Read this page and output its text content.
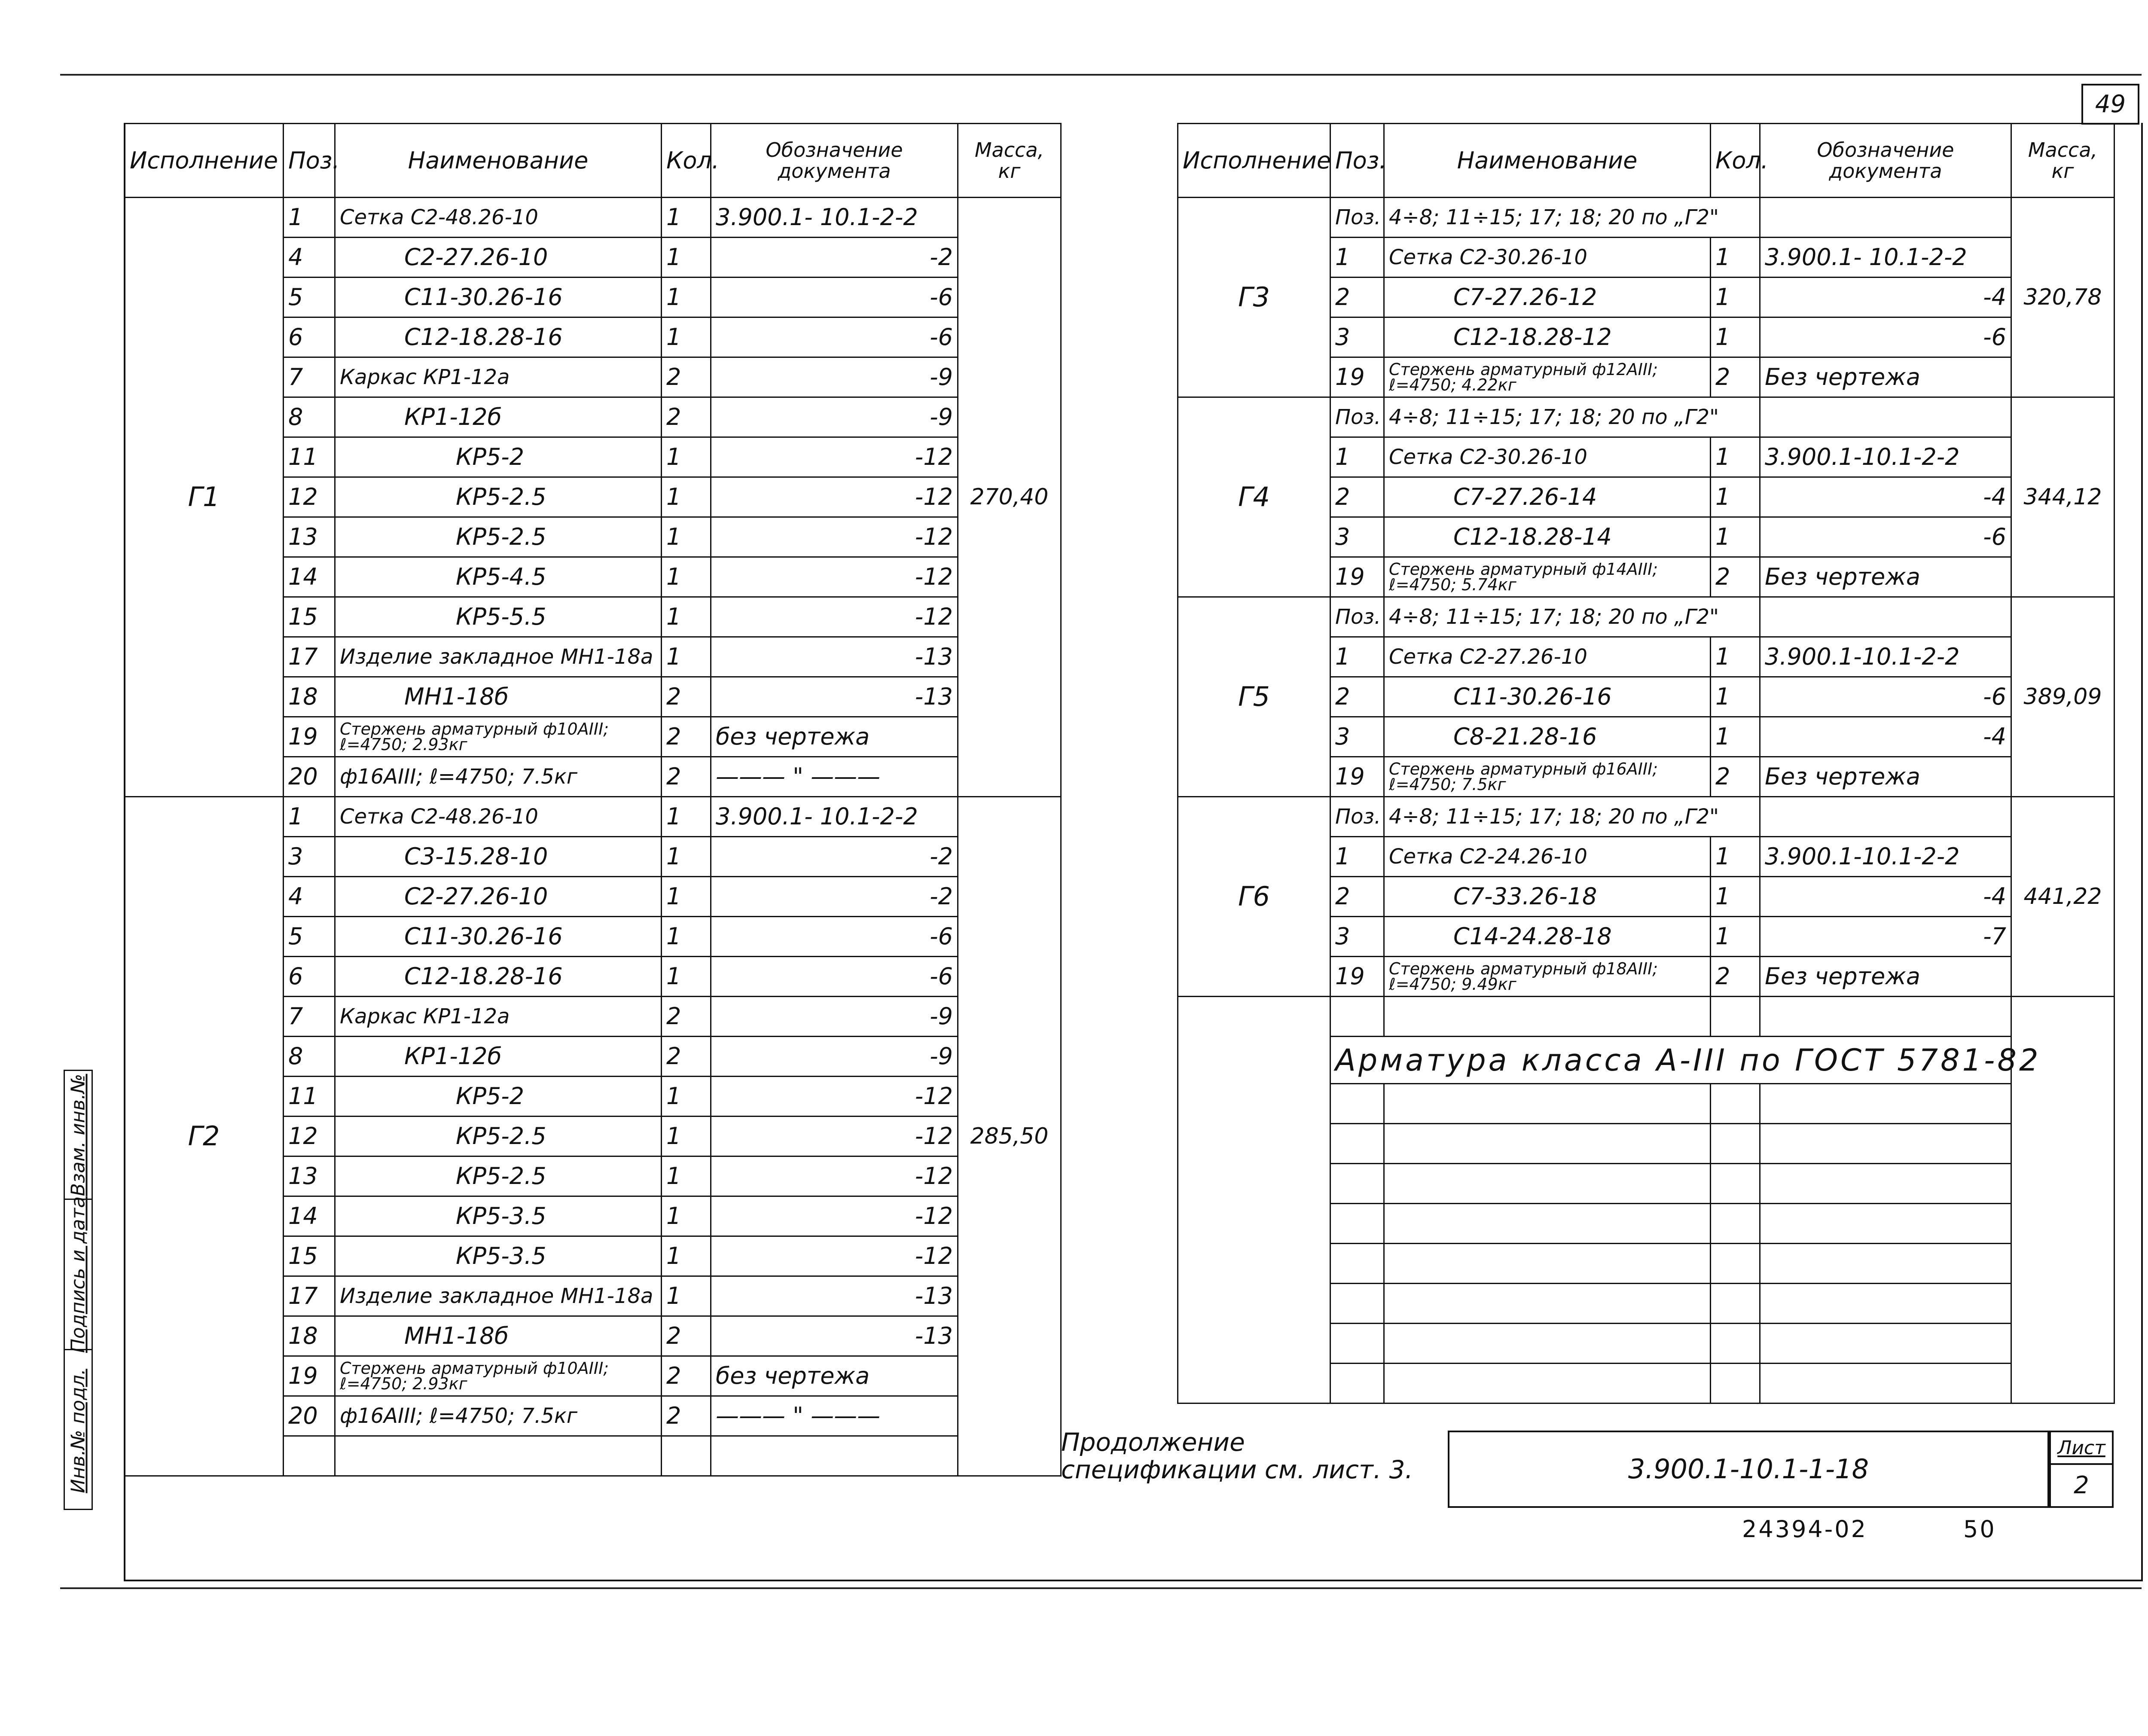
49
Исполнение	Поз.	Наименование	Кол.	Обозначение документа	Масса, кг
Г1	1	Сетка С2-48.26-10	1	3.900.1- 10.1-2-2	270,40
	4	С2-27.26-10	1	-2	
	5	С11-30.26-16	1	-6	
	6	С12-18.28-16	1	-6	
	7	Каркас КР1-12а	2	-9	
	8	КР1-12б	2	-9	
	11	КР5-2	1	-12	
	12	КР5-2.5	1	-12	
	13	КР5-2.5	1	-12	
	14	КР5-4.5	1	-12	
	15	КР5-5.5	1	-12	
	17	Изделие закладное МН1-18а	1	-13	
	18	МН1-18б	2	-13	
	19	Стержень арматурный ф10АIII; ℓ=4750; 2.93кг	2	без чертежа	
	20	ф16АIII; ℓ=4750; 7.5кг	2	——— " ———	
Г2	1	Сетка С2-48.26-10	1	3.900.1- 10.1-2-2	285,50
	3	С3-15.28-10	1	-2	
	4	С2-27.26-10	1	-2	
	5	С11-30.26-16	1	-6	
	6	С12-18.28-16	1	-6	
	7	Каркас КР1-12а	2	-9	
	8	КР1-12б	2	-9	
	11	КР5-2	1	-12	
	12	КР5-2.5	1	-12	
	13	КР5-2.5	1	-12	
	14	КР5-3.5	1	-12	
	15	КР5-3.5	1	-12	
	17	Изделие закладное МН1-18а	1	-13	
	18	МН1-18б	2	-13	
	19	Стержень арматурный ф10АIII; ℓ=4750; 2.93кг	2	без чертежа	
	20	ф16АIII; ℓ=4750; 7.5кг	2	——— " ———	

Исполнение	Поз.	Наименование	Кол.	Обозначение документа	Масса, кг
Г3	Поз.	4÷8; 11÷15; 17; 18; 20 по „Г2"			320,78
	1	Сетка С2-30.26-10	1	3.900.1- 10.1-2-2	
	2	С7-27.26-12	1	-4	
	3	С12-18.28-12	1	-6	
	19	Стержень арматурный ф12АIII; ℓ=4750; 4.22кг	2	Без чертежа	
Г4	Поз.	4÷8; 11÷15; 17; 18; 20 по „Г2"			344,12
	1	Сетка С2-30.26-10	1	3.900.1-10.1-2-2	
	2	С7-27.26-14	1	-4	
	3	С12-18.28-14	1	-6	
	19	Стержень арматурный ф14АIII; ℓ=4750; 5.74кг	2	Без чертежа	
Г5	Поз.	4÷8; 11÷15; 17; 18; 20 по „Г2"			389,09
	1	Сетка С2-27.26-10	1	3.900.1-10.1-2-2	
	2	С11-30.26-16	1	-6	
	3	С8-21.28-16	1	-4	
	19	Стержень арматурный ф16АIII; ℓ=4750; 7.5кг	2	Без чертежа	
Г6	Поз.	4÷8; 11÷15; 17; 18; 20 по „Г2"			441,22
	1	Сетка С2-24.26-10	1	3.900.1-10.1-2-2	
	2	С7-33.26-18	1	-4	
	3	С14-24.28-18	1	-7	
	19	Стержень арматурный ф18АIII; ℓ=4750; 9.49кг	2	Без чертежа	

	Арматура класса А-III по ГОСТ 5781-82				

Продолжение спецификации см. лист. 3.	3.900.1-10.1-1-18
Лист
2
24394-02	50
Инв.№ подл.
Подпись и дата
Взам. инв.№
